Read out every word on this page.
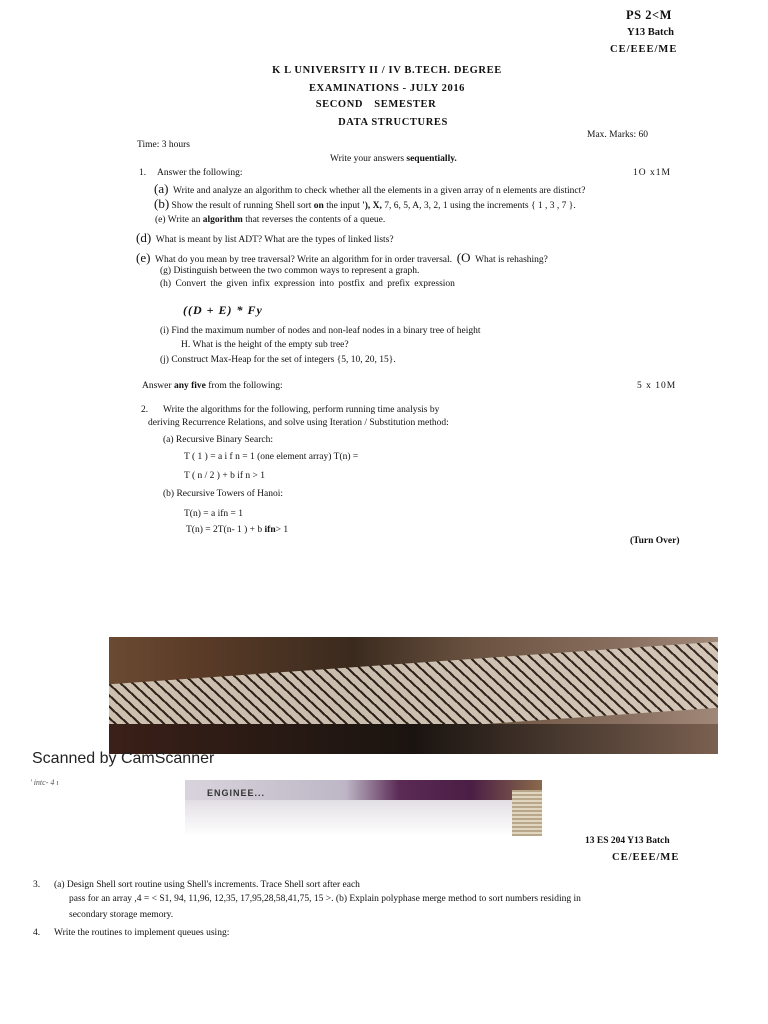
PS 2<M
Y13 Batch
CE/EEE/ME
K L UNIVERSITY II / IV B.TECH. DEGREE
EXAMINATIONS - JULY 2016
SECOND SEMESTER
DATA STRUCTURES
Max. Marks: 60
Time: 3 hours
Write your answers sequentially.
1. Answer the following:	1O x1M
(a) Write and analyze an algorithm to check whether all the elements in a given array of n elements are distinct?
(b) Show the result of running Shell sort on the input '), X, 7, 6, 5, A, 3, 2, 1 using the increments { 1 , 3 , 7 }.
(e) Write an algorithm that reverses the contents of a queue.
(d) What is meant by list ADT? What are the types of linked lists?
(e) What do you mean by tree traversal? Write an algorithm for in order traversal. (O What is rehashing?
(g) Distinguish between the two common ways to represent a graph.
(h) Convert the given infix expression into postfix and prefix expression
((D + E) * Fy
(i) Find the maximum number of nodes and non-leaf nodes in a binary tree of height
H. What is the height of the empty sub tree?
(j) Construct Max-Heap for the set of integers {5, 10, 20, 15}.
Answer any five from the following:	5 x 10M
2. Write the algorithms for the following, perform running time analysis by
deriving Recurrence Relations, and solve using Iteration / Substitution method:
(a) Recursive Binary Search:
T ( 1 ) = a i f n = 1 (one element array) T(n) =
T ( n / 2 ) + b if n > 1
(b) Recursive Towers of Hanoi:
T(n) = a ifn = 1
T(n) = 2T(n- 1 ) + b ifn> 1
(Turn Over)
Scanned by CamScanner
' intc- 4 ι
ENGINEE...
13 ES 204 Y13 Batch
CE/EEE/ME
3. (a) Design Shell sort routine using Shell's increments. Trace Shell sort after each
pass for an array ,4 = < S1, 94, 11,96, 12,35, 17,95,28,58,41,75, 15 >. (b) Explain polyphase merge method to sort numbers residing in
secondary storage memory.
4. Write the routines to implement queues using:
